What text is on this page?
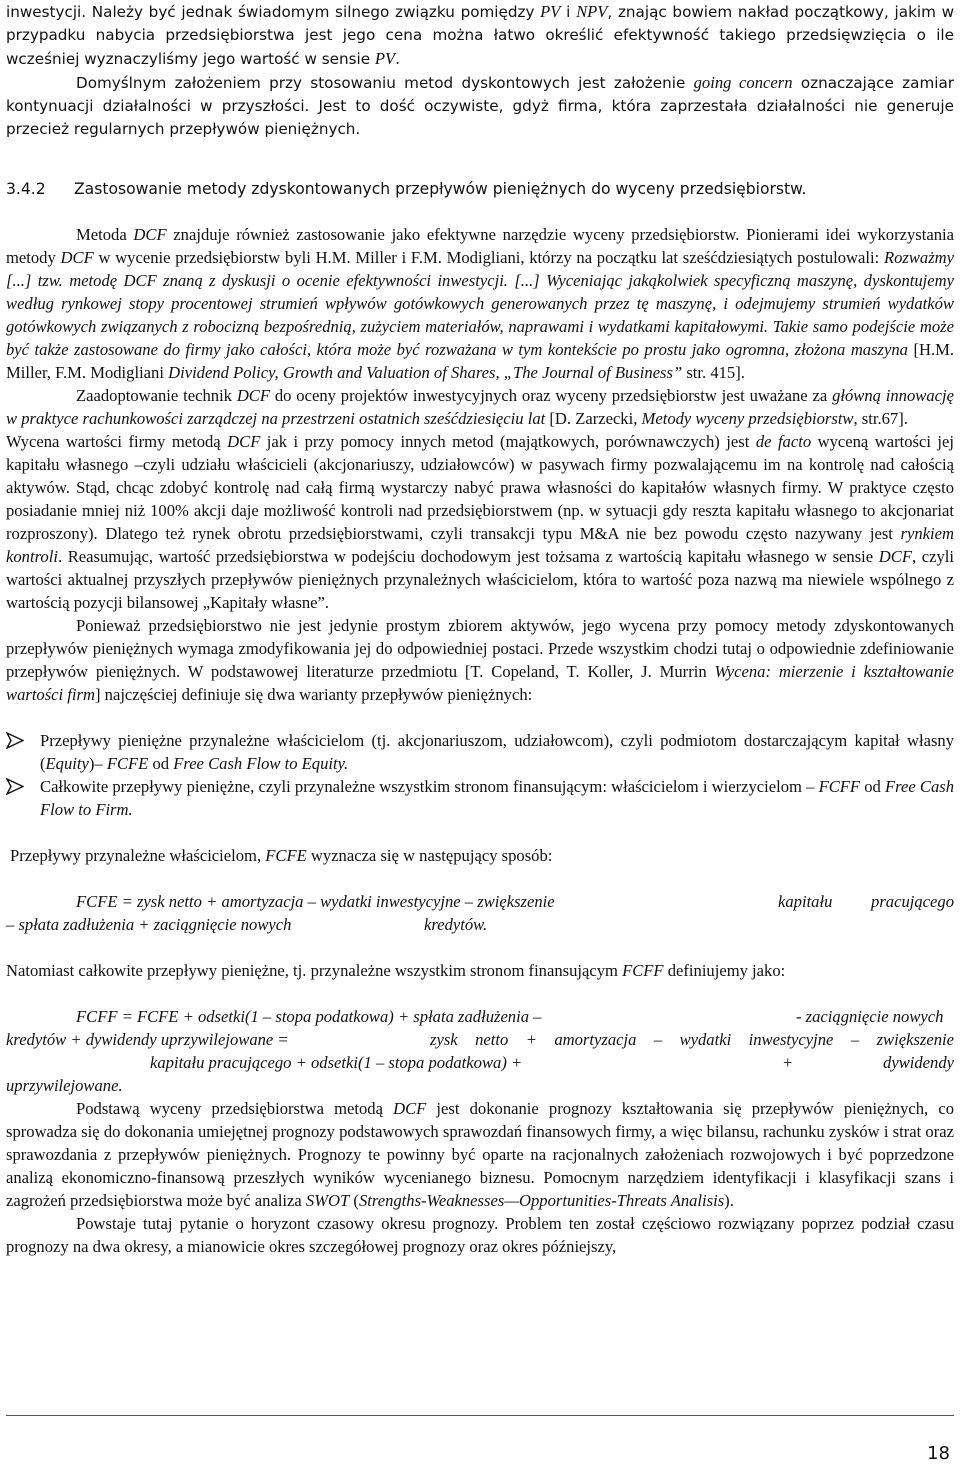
inwestycji. Należy być jednak świadomym silnego związku pomiędzy PV i NPV, znając bowiem nakład początkowy, jakim w przypadku nabycia przedsiębiorstwa jest jego cena można łatwo określić efektywność takiego przedsięwzięcia o ile wcześniej wyznaczyliśmy jego wartość w sensie PV.

Domyślnym założeniem przy stosowaniu metod dyskontowych jest założenie going concern oznaczające zamiar kontynuacji działalności w przyszłości. Jest to dość oczywiste, gdyż firma, która zaprzestała działalności nie generuje przecież regularnych przepływów pieniężnych.

3.4.2 Zastosowanie metody zdyskontowanych przepływów pieniężnych do wyceny przedsiębiorstw.

Metoda DCF znajduje również zastosowanie jako efektywne narzędzie wyceny przedsiębiorstw. Pionierami idei wykorzystania metody DCF w wycenie przedsiębiorstw byli H.M. Miller i F.M. Modigliani, którzy na początku lat sześćdziesiątych postulowali: Rozważmy [...] tzw. metodę DCF znaną z dyskusji o ocenie efektywności inwestycji. [...] Wyceniając jakąkolwiek specyficzną maszynę, dyskontujemy według rynkowej stopy procentowej strumień wpływów gotówkowych generowanych przez tę maszynę, i odejmujemy strumień wydatków gotówkowych związanych z robocizną bezpośrednią, zużyciem materiałów, naprawami i wydatkami kapitałowymi. Takie samo podejście może być także zastosowane do firmy jako całości, która może być rozważana w tym kontekście po prostu jako ogromna, złożona maszyna [H.M. Miller, F.M. Modigliani Dividend Policy, Growth and Valuation of Shares, „The Journal of Business” str. 415].

Zaadoptowanie technik DCF do oceny projektów inwestycyjnych oraz wyceny przedsiębiorstw jest uważane za główną innowację w praktyce rachunkowości zarządczej na przestrzeni ostatnich sześćdziesięciu lat [D. Zarzecki, Metody wyceny przedsiębiorstw, str.67].

Wycena wartości firmy metodą DCF jak i przy pomocy innych metod (majątkowych, porównawczych) jest de facto wyceną wartości jej kapitału własnego –czyli udziału właścicieli (akcjonariuszy, udziałowców) w pasywach firmy pozwalającemu im na kontrolę nad całością aktywów. Stąd, chcąc zdobyć kontrolę nad całą firmą wystarczy nabyć prawa własności do kapitałów własnych firmy. W praktyce często posiadanie mniej niż 100% akcji daje możliwość kontroli nad przedsiębiorstwem (np. w sytuacji gdy reszta kapitału własnego to akcjonariat rozproszony). Dlatego też rynek obrotu przedsiębiorstwami, czyli transakcji typu M&A nie bez powodu często nazywany jest rynkiem kontroli. Reasumując, wartość przedsiębiorstwa w podejściu dochodowym jest tożsama z wartością kapitału własnego w sensie DCF, czyli wartości aktualnej przyszłych przepływów pieniężnych przynależnych właścicielom, która to wartość poza nazwą ma niewiele wspólnego z wartością pozycji bilansowej „Kapitały własne”.

Ponieważ przedsiębiorstwo nie jest jedynie prostym zbiorem aktywów, jego wycena przy pomocy metody zdyskontowanych przepływów pieniężnych wymaga zmodyfikowania jej do odpowiedniej postaci. Przede wszystkim chodzi tutaj o odpowiednie zdefiniowanie przepływów pieniężnych. W podstawowej literaturze przedmiotu [T. Copeland, T. Koller, J. Murrin Wycena: mierzenie i kształtowanie wartości firm] najczęściej definiuje się dwa warianty przepływów pieniężnych:

Przepływy pieniężne przynależne właścicielom (tj. akcjonariuszom, udziałowcom), czyli podmiotom dostarczającym kapitał własny (Equity)– FCFE od Free Cash Flow to Equity.
Całkowite przepływy pieniężne, czyli przynależne wszystkim stronom finansującym: właścicielom i wierzycielom – FCFF od Free Cash Flow to Firm.

Przepływy przynależne właścicielom, FCFE wyznacza się w następujący sposób:

FCFE = zysk netto + amortyzacja – wydatki inwestycyjne – zwiększenie	kapitału pracującego
– spłata zadłużenia + zaciągnięcie nowych	kredytów.

Natomiast całkowite przepływy pieniężne, tj. przynależne wszystkim stronom finansującym FCFF definiujemy jako:

FCFF = FCFE + odsetki(1 – stopa podatkowa) + spłata zadłużenia –	- zaciągnięcie nowych
kredytów + dywidendy uprzywilejowane =	zysk netto + amortyzacja – wydatki inwestycyjne – zwiększenie
kapitału pracującego + odsetki(1 – stopa podatkowa) +	+	dywidendy
uprzywilejowane.

Podstawą wyceny przedsiębiorstwa metodą DCF jest dokonanie prognozy kształtowania się przepływów pieniężnych, co sprowadza się do dokonania umiejętnej prognozy podstawowych sprawozdań finansowych firmy, a więc bilansu, rachunku zysków i strat oraz sprawozdania z przepływów pieniężnych. Prognozy te powinny być oparte na racjonalnych założeniach rozwojowych i być poprzedzone analizą ekonomiczno-finansową przeszłych wyników wycenianego biznesu. Pomocnym narzędziem identyfikacji i klasyfikacji szans i zagrożeń przedsiębiorstwa może być analiza SWOT (Strengths-Weaknesses—Opportunities-Threats Analisis).

Powstaje tutaj pytanie o horyzont czasowy okresu prognozy. Problem ten został częściowo rozwiązany poprzez podział czasu prognozy na dwa okresy, a mianowicie okres szczegółowej prognozy oraz okres późniejszy,

18
